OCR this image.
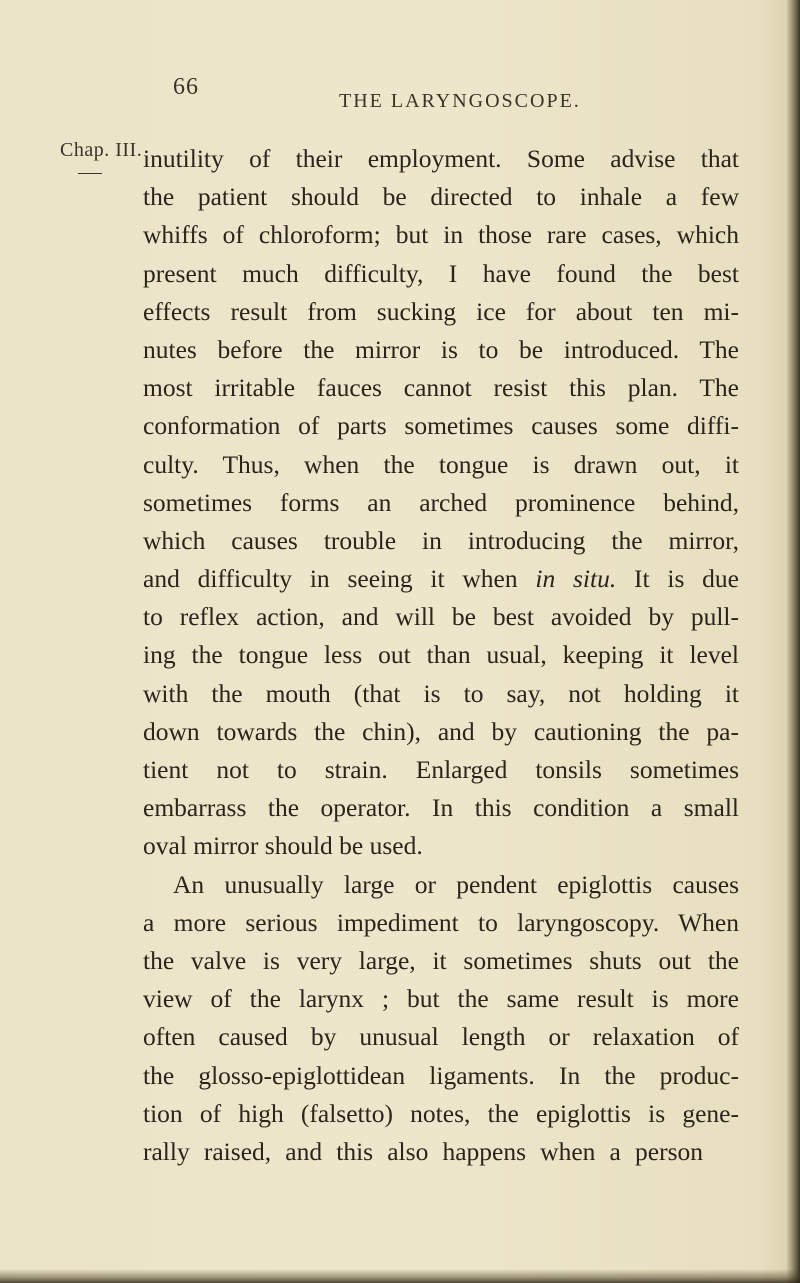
66
THE LARYNGOSCOPE.
Chap. III. inutility of their employment. Some advise that
the patient should be directed to inhale a few
whiffs of chloroform; but in those rare cases, which
present much difficulty, I have found the best
effects result from sucking ice for about ten mi-
nutes before the mirror is to be introduced. The
most irritable fauces cannot resist this plan. The
conformation of parts sometimes causes some diffi-
culty. Thus, when the tongue is drawn out, it
sometimes forms an arched prominence behind,
which causes trouble in introducing the mirror,
and difficulty in seeing it when in situ. It is due
to reflex action, and will be best avoided by pull-
ing the tongue less out than usual, keeping it level
with the mouth (that is to say, not holding it
down towards the chin), and by cautioning the pa-
tient not to strain. Enlarged tonsils sometimes
embarrass the operator. In this condition a small
oval mirror should be used.
An unusually large or pendent epiglottis causes
a more serious impediment to laryngoscopy. When
the valve is very large, it sometimes shuts out the
view of the larynx ; but the same result is more
often caused by unusual length or relaxation of
the glosso-epiglottidean ligaments. In the produc-
tion of high (falsetto) notes, the epiglottis is gene-
rally raised, and this also happens when a person
